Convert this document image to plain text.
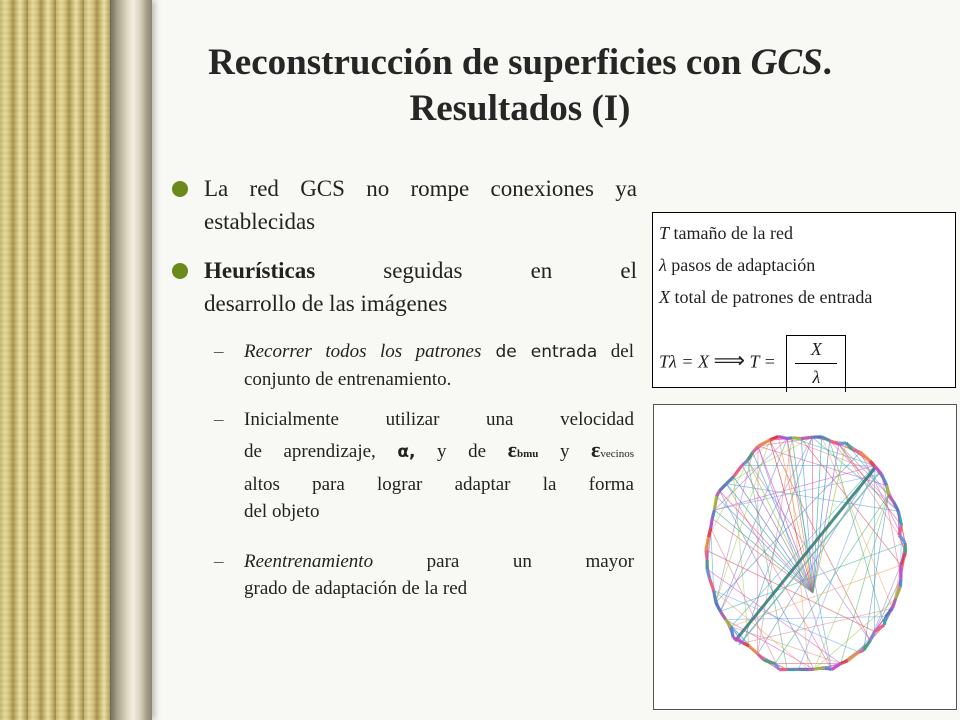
Reconstrucción de superficies con GCS.
Resultados (I)
La red GCS no rompe conexiones ya establecidas
Heurísticas seguidas en el
desarrollo de las imágenes
– Recorrer todos los patrones de entrada del conjunto de entrenamiento.
– Inicialmente utilizar una velocidad
de aprendizaje, α, y de εbmu y εvecinos
altos para lograr adaptar la forma
del objeto
– Reentrenamiento para un mayor
grado de adaptación de la red
T tamaño de la red
λ pasos de adaptación
X total de patrones de entrada
Tλ = X ⟹ $T = \frac{X}{\lambda}$
